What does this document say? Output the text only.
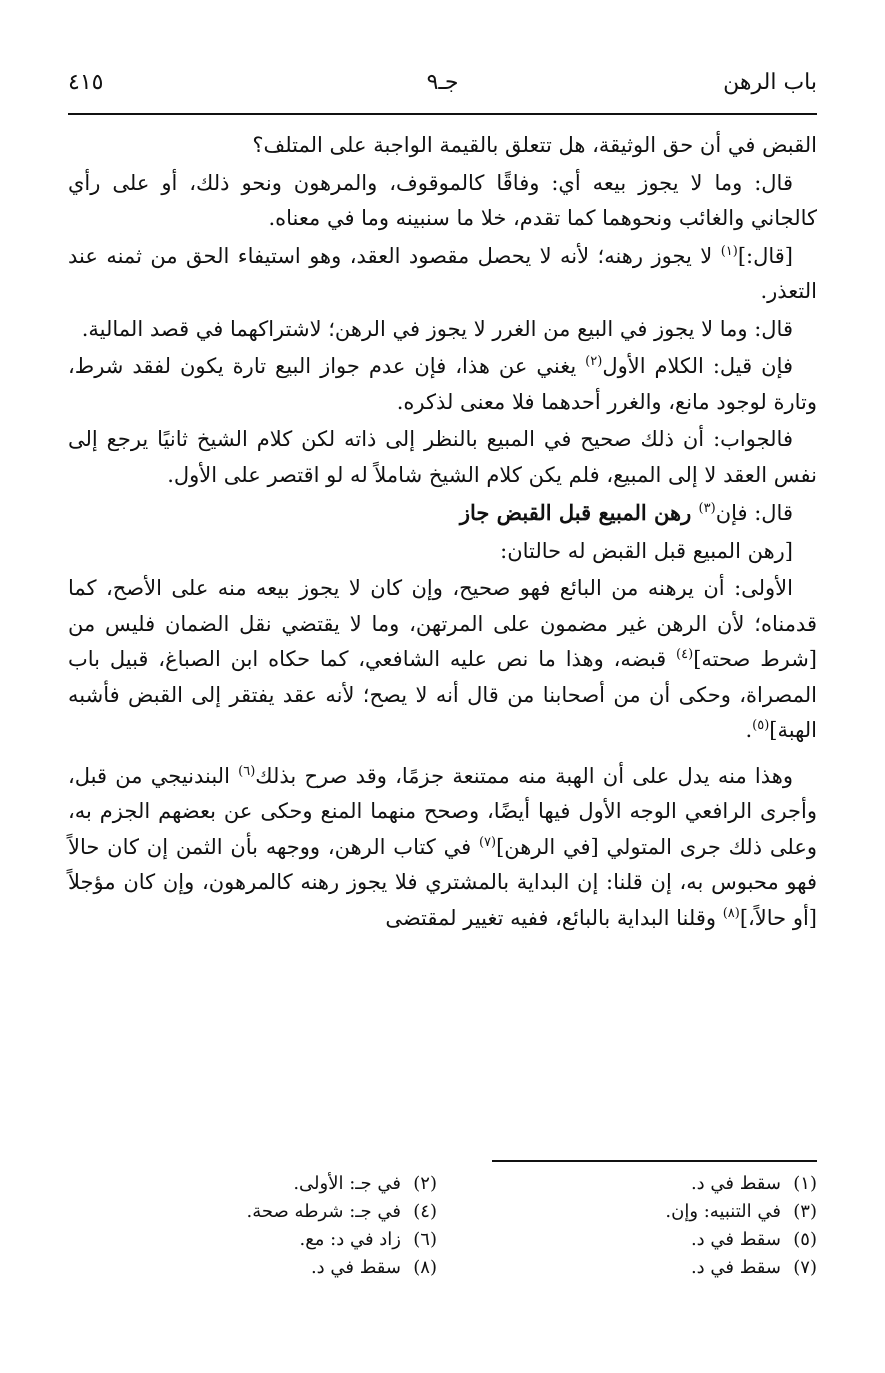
باب الرهن
جـ٩
٤١٥

القبض في أن حق الوثيقة، هل تتعلق بالقيمة الواجبة على المتلف؟

قال: وما لا يجوز بيعه أي: وفاقًا كالموقوف، والمرهون ونحو ذلك، أو على رأي كالجاني والغائب ونحوهما كما تقدم، خلا ما سنبينه وما في معناه.

[قال:]$^{(١)}$ لا يجوز رهنه؛ لأنه لا يحصل مقصود العقد، وهو استيفاء الحق من ثمنه عند التعذر.

قال: وما لا يجوز في البيع من الغرر لا يجوز في الرهن؛ لاشتراكهما في قصد المالية.

فإن قيل: الكلام الأول$^{(٢)}$ يغني عن هذا، فإن عدم جواز البيع تارة يكون لفقد شرط، وتارة لوجود مانع، والغرر أحدهما فلا معنى لذكره.

فالجواب: أن ذلك صحيح في المبيع بالنظر إلى ذاته لكن كلام الشيخ ثانيًا يرجع إلى نفس العقد لا إلى المبيع، فلم يكن كلام الشيخ شاملاً له لو اقتصر على الأول.

قال: فإن$^{(٣)}$ رهن المبيع قبل القبض جاز

[رهن المبيع قبل القبض له حالتان:

الأولى: أن يرهنه من البائع فهو صحيح، وإن كان لا يجوز بيعه منه على الأصح، كما قدمناه؛ لأن الرهن غير مضمون على المرتهن، وما لا يقتضي نقل الضمان فليس من [شرط صحته]$^{(٤)}$ قبضه، وهذا ما نص عليه الشافعي، كما حكاه ابن الصباغ، قبيل باب المصراة، وحكى أن من أصحابنا من قال أنه لا يصح؛ لأنه عقد يفتقر إلى القبض فأشبه الهبة]$^{(٥)}$.

وهذا منه يدل على أن الهبة منه ممتنعة جزمًا، وقد صرح بذلك$^{(٦)}$ البندنيجي من قبل، وأجرى الرافعي الوجه الأول فيها أيضًا، وصحح منهما المنع وحكى عن بعضهم الجزم به، وعلى ذلك جرى المتولي [في الرهن]$^{(٧)}$ في كتاب الرهن، ووجهه بأن الثمن إن كان حالاً فهو محبوس به، إن قلنا: إن البداية بالمشتري فلا يجوز رهنه كالمرهون، وإن كان مؤجلاً [أو حالاً،]$^{(٨)}$ وقلنا البداية بالبائع، ففيه تغيير لمقتضى

(١)سقط في د.
(٣)في التنبيه: وإن.
(٥)سقط في د.
(٧)سقط في د.
(٢)في جـ: الأولى.
(٤)في جـ: شرطه صحة.
(٦)زاد في د: مع.
(٨)سقط في د.
